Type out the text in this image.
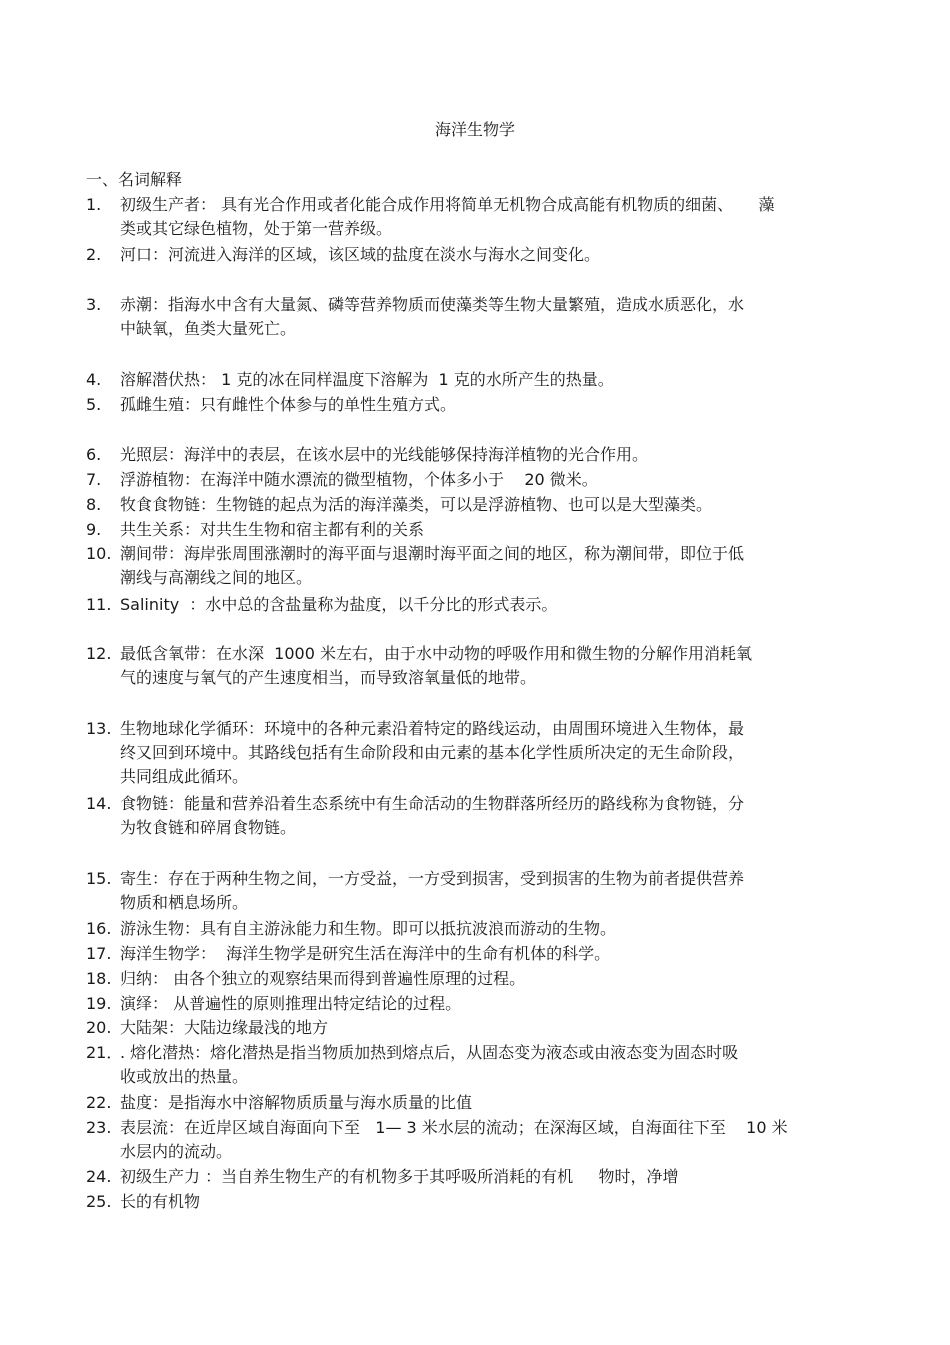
海洋生物学
一、名词解释
1.	初级生产者： 具有光合作用或者化能合成作用将简单无机物合成高能有机物质的细菌、     藻
类或其它绿色植物，处于第一营养级。
2.	河口：河流进入海洋的区域，该区域的盐度在淡水与海水之间变化。
3.	赤潮：指海水中含有大量氮、磷等营养物质而使藻类等生物大量繁殖，造成水质恶化，水
中缺氧，鱼类大量死亡。
4.	溶解潜伏热： 1 克的冰在同样温度下溶解为  1 克的水所产生的热量。
5.	孤雌生殖：只有雌性个体参与的单性生殖方式。
6.	光照层：海洋中的表层，在该水层中的光线能够保持海洋植物的光合作用。
7.	浮游植物：在海洋中随水漂流的微型植物，个体多小于    20 微米。
8.	牧食食物链：生物链的起点为活的海洋藻类，可以是浮游植物、也可以是大型藻类。
9.	共生关系：对共生生物和宿主都有利的关系
10. 潮间带：海岸张周围涨潮时的海平面与退潮时海平面之间的地区，称为潮间带，即位于低
潮线与高潮线之间的地区。
11. Salinity  ：水中总的含盐量称为盐度，以千分比的形式表示。
12. 最低含氧带：在水深  1000 米左右，由于水中动物的呼吸作用和微生物的分解作用消耗氧
气的速度与氧气的产生速度相当，而导致溶氧量低的地带。
13. 生物地球化学循环：环境中的各种元素沿着特定的路线运动，由周围环境进入生物体，最
终又回到环境中。其路线包括有生命阶段和由元素的基本化学性质所决定的无生命阶段，
共同组成此循环。
14. 食物链：能量和营养沿着生态系统中有生命活动的生物群落所经历的路线称为食物链，分
为牧食链和碎屑食物链。
15. 寄生：存在于两种生物之间，一方受益，一方受到损害，受到损害的生物为前者提供营养
物质和栖息场所。
16. 游泳生物：具有自主游泳能力和生物。即可以抵抗波浪而游动的生物。
17. 海洋生物学：  海洋生物学是研究生活在海洋中的生命有机体的科学。
18. 归纳： 由各个独立的观察结果而得到普遍性原理的过程。
19. 演绎： 从普遍性的原则推理出特定结论的过程。
20. 大陆架：大陆边缘最浅的地方
21．
. 熔化潜热：熔化潜热是指当物质加热到熔点后，从固态变为液态或由液态变为固态时吸
收或放出的热量。
22. 盐度：是指海水中溶解物质质量与海水质量的比值
23. 表层流：在近岸区域自海面向下至   1— 3 米水层的流动；在深海区域，自海面往下至    10 米
水层内的流动。
24. 初级生产力 ：当自养生物生产的有机物多于其呼吸所消耗的有机     物时，净增
25. 长的有机物
